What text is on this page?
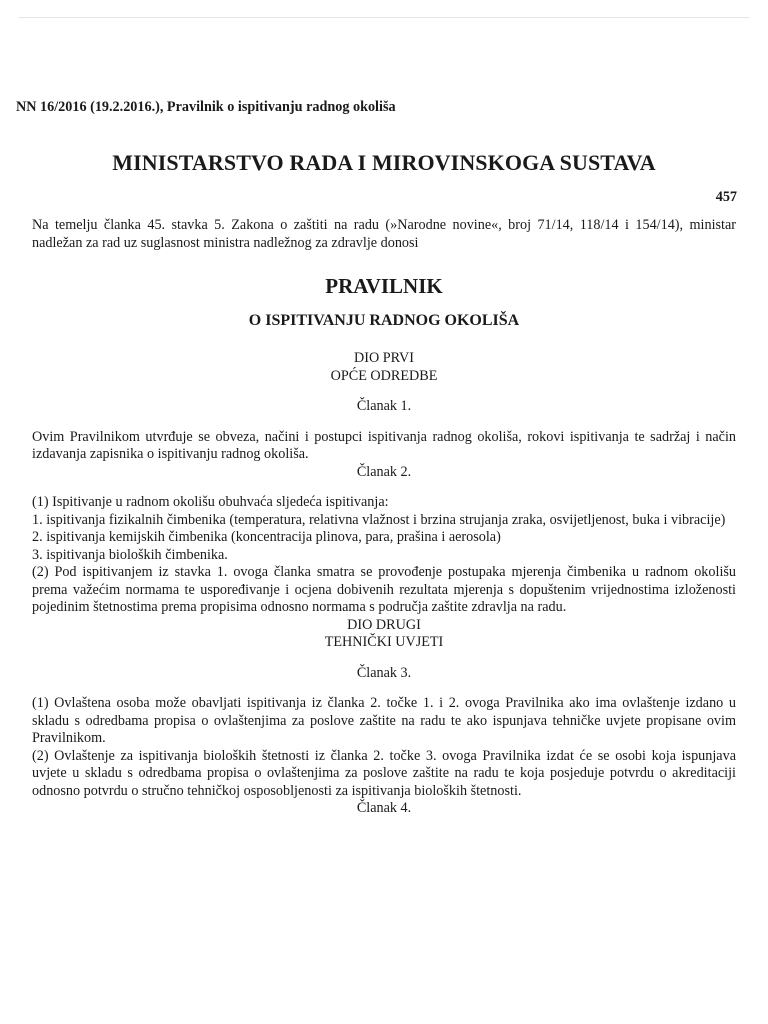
NN 16/2016 (19.2.2016.), Pravilnik o ispitivanju radnog okoliša
MINISTARSTVO RADA I MIROVINSKOGA SUSTAVA
457

Na temelju članka 45. stavka 5. Zakona o zaštiti na radu (»Narodne novine«, broj 71/14, 118/14 i 154/14), ministar nadležan za rad uz suglasnost ministra nadležnog za zdravlje donosi

PRAVILNIK
O ISPITIVANJU RADNOG OKOLIŠA
DIO PRVI
OPĆE ODREDBE
Članak 1.

Ovim Pravilnikom utvrđuje se obveza, načini i postupci ispitivanja radnog okoliša, rokovi ispitivanja te sadržaj i način izdavanja zapisnika o ispitivanju radnog okoliša.

Članak 2.

(1) Ispitivanje u radnom okolišu obuhvaća sljedeća ispitivanja:

1. ispitivanja fizikalnih čimbenika (temperatura, relativna vlažnost i brzina strujanja zraka, osvijetljenost, buka i vibracije)

2. ispitivanja kemijskih čimbenika (koncentracija plinova, para, prašina i aerosola)

3. ispitivanja bioloških čimbenika.

(2) Pod ispitivanjem iz stavka 1. ovoga članka smatra se provođenje postupaka mjerenja čimbenika u radnom okolišu prema važećim normama te uspoređivanje i ocjena dobivenih rezultata mjerenja s dopuštenim vrijednostima izloženosti pojedinim štetnostima prema propisima odnosno normama s područja zaštite zdravlja na radu.

DIO DRUGI
TEHNIČKI UVJETI
Članak 3.

(1) Ovlaštena osoba može obavljati ispitivanja iz članka 2. točke 1. i 2. ovoga Pravilnika ako ima ovlaštenje izdano u skladu s odredbama propisa o ovlaštenjima za poslove zaštite na radu te ako ispunjava tehničke uvjete propisane ovim Pravilnikom.

(2) Ovlaštenje za ispitivanja bioloških štetnosti iz članka 2. točke 3. ovoga Pravilnika izdat će se osobi koja ispunjava uvjete u skladu s odredbama propisa o ovlaštenjima za poslove zaštite na radu te koja posjeduje potvrdu o akreditaciji odnosno potvrdu o stručno tehničkoj osposobljenosti za ispitivanja bioloških štetnosti.

Članak 4.
